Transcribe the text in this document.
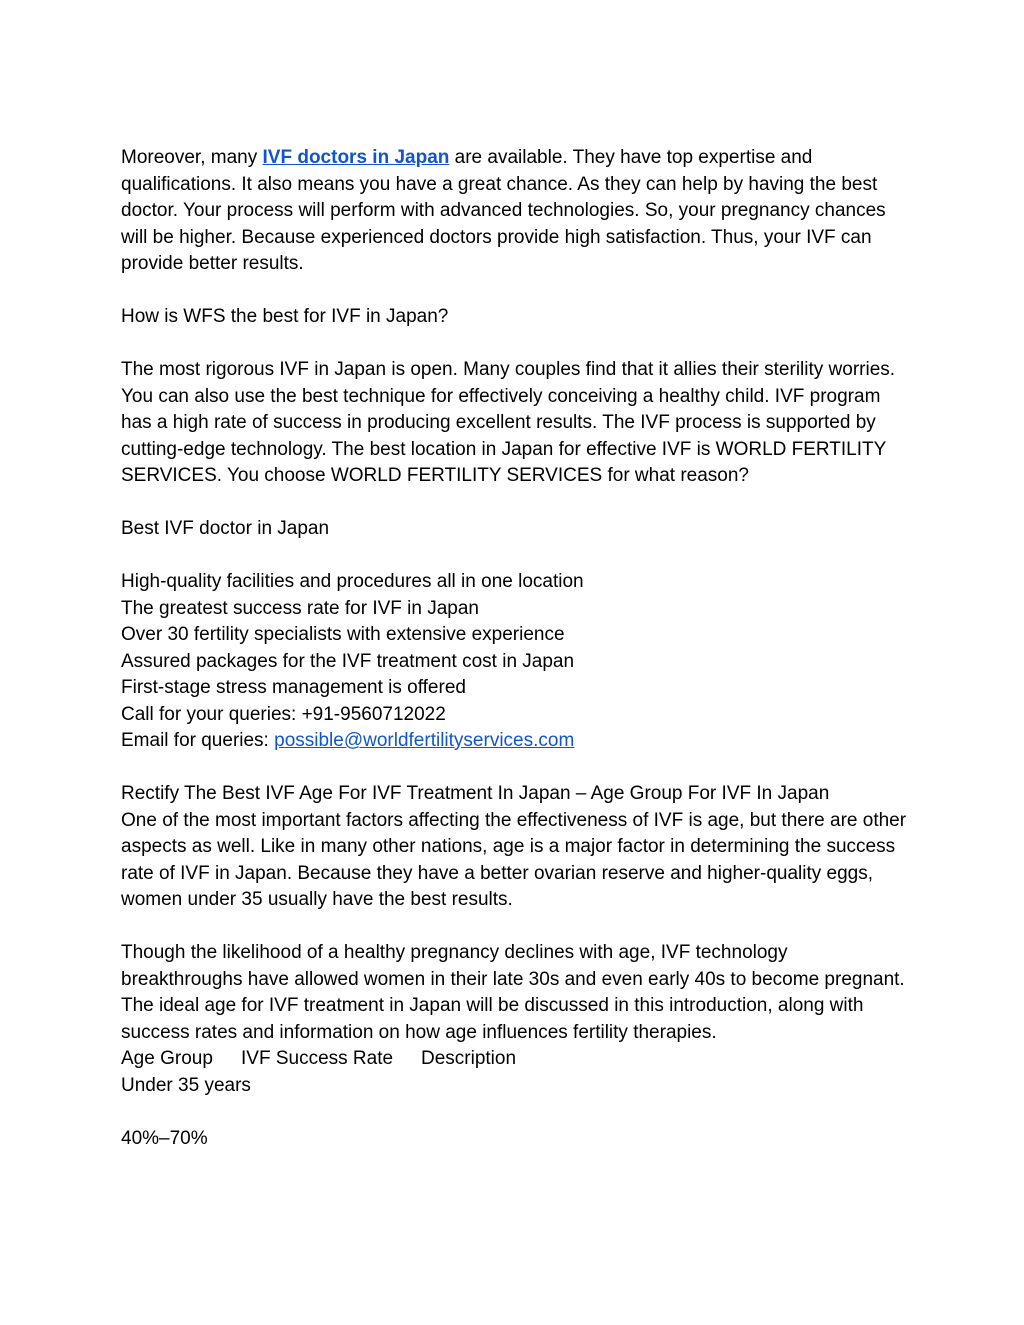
Moreover, many IVF doctors in Japan are available. They have top expertise and qualifications. It also means you have a great chance. As they can help by having the best doctor. Your process will perform with advanced technologies. So, your pregnancy chances will be higher. Because experienced doctors provide high satisfaction. Thus, your IVF can provide better results.

How is WFS the best for IVF in Japan?

The most rigorous IVF in Japan is open. Many couples find that it allies their sterility worries. You can also use the best technique for effectively conceiving a healthy child. IVF program has a high rate of success in producing excellent results. The IVF process is supported by cutting-edge technology. The best location in Japan for effective IVF is WORLD FERTILITY SERVICES. You choose WORLD FERTILITY SERVICES for what reason?

Best IVF doctor in Japan

High-quality facilities and procedures all in one location
The greatest success rate for IVF in Japan
Over 30 fertility specialists with extensive experience
Assured packages for the IVF treatment cost in Japan
First-stage stress management is offered
Call for your queries: +91-9560712022
Email for queries: possible@worldfertilityservices.com

Rectify The Best IVF Age For IVF Treatment In Japan – Age Group For IVF In Japan
One of the most important factors affecting the effectiveness of IVF is age, but there are other aspects as well. Like in many other nations, age is a major factor in determining the success rate of IVF in Japan. Because they have a better ovarian reserve and higher-quality eggs, women under 35 usually have the best results.

Though the likelihood of a healthy pregnancy declines with age, IVF technology breakthroughs have allowed women in their late 30s and even early 40s to become pregnant. The ideal age for IVF treatment in Japan will be discussed in this introduction, along with success rates and information on how age influences fertility therapies.

Age Group IVF Success Rate Description

Under 35 years

40%–70%
